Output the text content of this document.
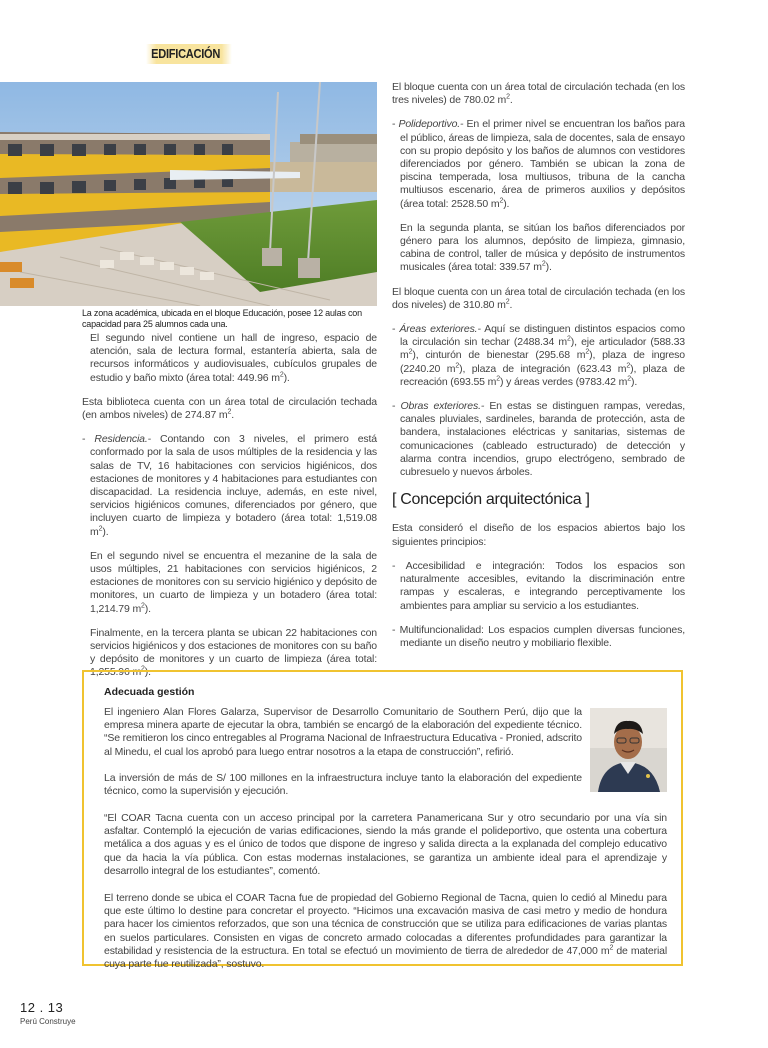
EDIFICACIÓN
La zona académica, ubicada en el bloque Educación, posee 12 aulas con capacidad para 25 alumnos cada una.

El segundo nivel contiene un hall de ingreso, espacio de atención, sala de lectura formal, estantería abierta, sala de recursos informáticos y audiovisuales, cubículos grupales de estudio y baño mixto (área total: 449.96 $m^2$).

Esta biblioteca cuenta con un área total de circulación techada (en ambos niveles) de 274.87 $m^2$.

- Residencia.- Contando con 3 niveles, el primero está conformado por la sala de usos múltiples de la residencia y las salas de TV, 16 habitaciones con servicios higiénicos, dos estaciones de monitores y 4 habitaciones para estudiantes con discapacidad. La residencia incluye, además, en este nivel, servicios higiénicos comunes, diferenciados por género, que incluyen cuarto de limpieza y botadero (área total: 1,519.08 $m^2$).

En el segundo nivel se encuentra el mezanine de la sala de usos múltiples, 21 habitaciones con servicios higiénicos, 2 estaciones de monitores con su servicio higiénico y depósito de monitores, un cuarto de limpieza y un botadero (área total: 1,214.79 $m^2$).

Finalmente, en la tercera planta se ubican 22 habitaciones con servicios higiénicos y dos estaciones de monitores con su baño y depósito de monitores y un cuarto de limpieza (área total: 1,255.96 $m^2$).

El bloque cuenta con un área total de circulación techada (en los tres niveles) de 780.02 $m^2$.

- Polideportivo.- En el primer nivel se encuentran los baños para el público, áreas de limpieza, sala de docentes, sala de ensayo con su propio depósito y los baños de alumnos con vestidores diferenciados por género. También se ubican la zona de piscina temperada, losa multiusos, tribuna de la cancha multiusos escenario, área de primeros auxilios y depósitos (área total: 2528.50 $m^2$).

En la segunda planta, se sitúan los baños diferenciados por género para los alumnos, depósito de limpieza, gimnasio, cabina de control, taller de música y depósito de instrumentos musicales (área total: 339.57 $m^2$).

El bloque cuenta con un área total de circulación techada (en los dos niveles) de 310.80 $m^2$.

- Áreas exteriores.- Aquí se distinguen distintos espacios como la circulación sin techar (2488.34 $m^2$), eje articulador (588.33 $m^2$), cinturón de bienestar (295.68 $m^2$), plaza de ingreso (2240.20 $m^2$), plaza de integración (623.43 $m^2$), plaza de recreación (693.55 $m^2$) y áreas verdes (9783.42 $m^2$).

- Obras exteriores.- En estas se distinguen rampas, veredas, canales pluviales, sardineles, baranda de protección, asta de bandera, instalaciones eléctricas y sanitarias, sistemas de comunicaciones (cableado estructurado) de detección y alarma contra incendios, grupo electrógeno, sembrado de cubresuelo y nuevos árboles.

[ Concepción arquitectónica ]

Esta consideró el diseño de los espacios abiertos bajo los siguientes principios:

- Accesibilidad e integración: Todos los espacios son naturalmente accesibles, evitando la discriminación entre rampas y escaleras, e integrando perceptivamente los ambientes para ampliar su servicio a los estudiantes.

- Multifuncionalidad: Los espacios cumplen diversas funciones, mediante un diseño neutro y mobiliario flexible.

Adecuada gestión
El ingeniero Alan Flores Galarza, Supervisor de Desarrollo Comunitario de Southern Perú, dijo que la empresa minera aparte de ejecutar la obra, también se encargó de la elaboración del expediente técnico. “Se remitieron los cinco entregables al Programa Nacional de Infraestructura Educativa - Pronied, adscrito al Minedu, el cual los aprobó para luego entrar nosotros a la etapa de construcción”, refirió.
La inversión de más de S/ 100 millones en la infraestructura incluye tanto la elaboración del expediente técnico, como la supervisión y ejecución.
“El COAR Tacna cuenta con un acceso principal por la carretera Panamericana Sur y otro secundario por una vía sin asfaltar. Contempló la ejecución de varias edificaciones, siendo la más grande el polideportivo, que ostenta una cobertura metálica a dos aguas y es el único de todos que dispone de ingreso y salida directa a la explanada del complejo educativo que da hacia la vía pública. Con estas modernas instalaciones, se garantiza un ambiente ideal para el aprendizaje y desarrollo integral de los estudiantes”, comentó.
El terreno donde se ubica el COAR Tacna fue de propiedad del Gobierno Regional de Tacna, quien lo cedió al Minedu para que este último lo destine para concretar el proyecto. “Hicimos una excavación masiva de casi metro y medio de hondura para hacer los cimientos reforzados, que son una técnica de construcción que se utiliza para edificaciones de varias plantas en suelos particulares. Consisten en vigas de concreto armado colocadas a diferentes profundidades para garantizar la estabilidad y resistencia de la estructura. En total se efectuó un movimiento de tierra de alrededor de 47,000 $m^2$ de material cuya parte fue reutilizada”, sostuvo.
12 . 13
Perú Construye
